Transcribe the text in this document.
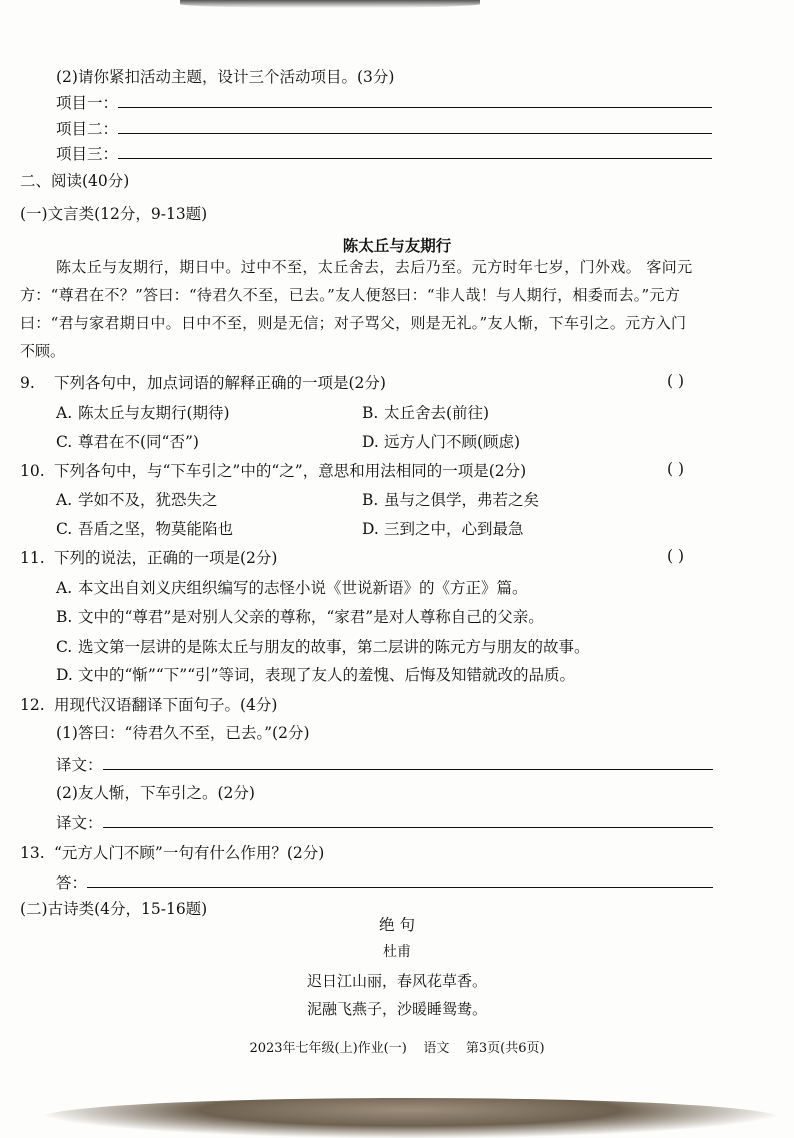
(2)请你紧扣活动主题，设计三个活动项目。(3分)
项目一：
项目二：
项目三：
二、阅读(40分)
(一)文言类(12分，9-13题)
陈太丘与友期行
陈太丘与友期行，期日中。过中不至，太丘舍去，去后乃至。元方时年七岁，门外戏。 客问元
方：“尊君在不？”答曰：“待君久不至，已去。”友人便怒曰：“非人哉！与人期行，相委而去。”元方
曰：“君与家君期日中。日中不至，则是无信；对子骂父，则是无礼。”友人惭，下车引之。元方入门
不顾。
9. 下列各句中，加点词语的解释正确的一项是(2分)	( )
A. 陈太丘与友期行(期待)	B. 太丘舍去(前往)
C. 尊君在不(同“否”)	D. 远方人门不顾(顾虑)
10. 下列各句中，与“下车引之”中的“之”，意思和用法相同的一项是(2分)	( )
A. 学如不及，犹恐失之	B. 虽与之俱学，弗若之矣
C. 吾盾之坚，物莫能陷也	D. 三到之中，心到最急
11. 下列的说法，正确的一项是(2分)	( )
A. 本文出自刘义庆组织编写的志怪小说《世说新语》的《方正》篇。
B. 文中的“尊君”是对别人父亲的尊称，“家君”是对人尊称自己的父亲。
C. 选文第一层讲的是陈太丘与朋友的故事，第二层讲的陈元方与朋友的故事。
D. 文中的“惭”“下”“引”等词，表现了友人的羞愧、后悔及知错就改的品质。
12. 用现代汉语翻译下面句子。(4分)
(1)答曰：“待君久不至，已去。”(2分)
译文：
(2)友人惭，下车引之。(2分)
译文：
13. “元方人门不顾”一句有什么作用？(2分)
答：
(二)古诗类(4分，15-16题)
绝 句
杜甫
迟日江山丽，春风花草香。
泥融飞燕子，沙暖睡鸳鸯。
2023年七年级(上)作业(一)    语文    第3页(共6页)
